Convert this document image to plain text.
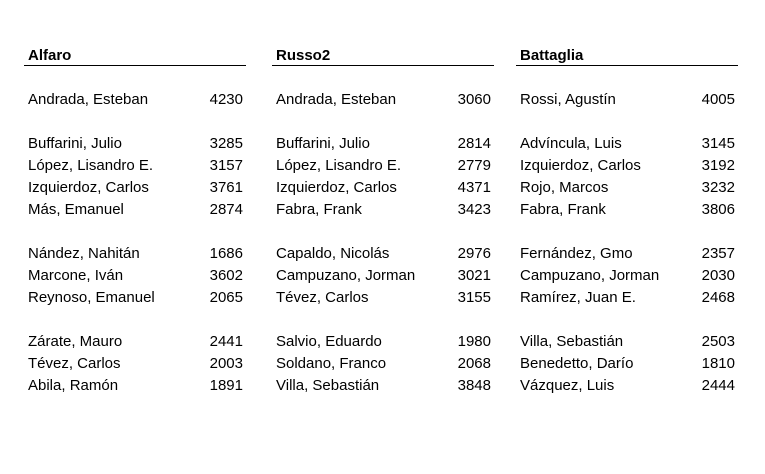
Alfaro
Andrada, Esteban	4230
Buffarini, Julio	3285
López, Lisandro E.	3157
Izquierdoz, Carlos	3761
Más, Emanuel	2874
Nández, Nahitán	1686
Marcone, Iván	3602
Reynoso, Emanuel	2065
Zárate, Mauro	2441
Tévez, Carlos	2003
Abila, Ramón	1891
Russo2
Andrada, Esteban	3060
Buffarini, Julio	2814
López, Lisandro E.	2779
Izquierdoz, Carlos	4371
Fabra, Frank	3423
Capaldo, Nicolás	2976
Campuzano, Jorman	3021
Tévez, Carlos	3155
Salvio, Eduardo	1980
Soldano, Franco	2068
Villa, Sebastián	3848
Battaglia
Rossi, Agustín	4005
Advíncula, Luis	3145
Izquierdoz, Carlos	3192
Rojo, Marcos	3232
Fabra, Frank	3806
Fernández, Gmo	2357
Campuzano, Jorman	2030
Ramírez, Juan E.	2468
Villa, Sebastián	2503
Benedetto, Darío	1810
Vázquez, Luis	2444
